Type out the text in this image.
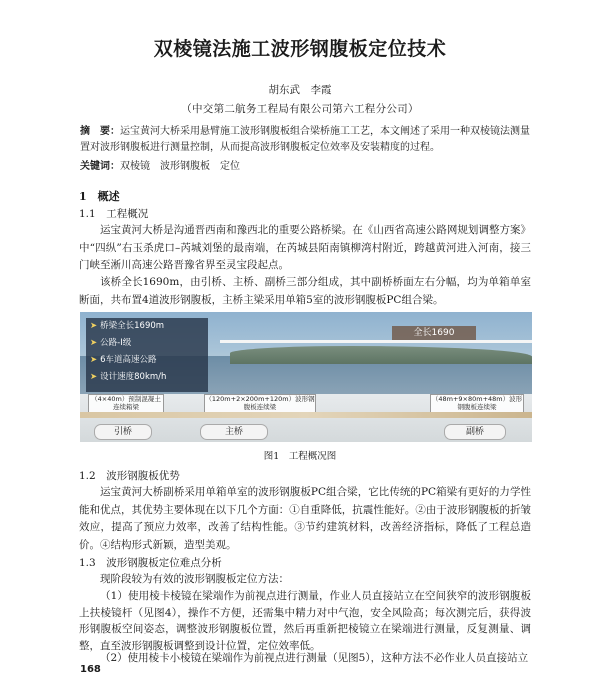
双棱镜法施工波形钢腹板定位技术
胡东武　李霞
（中交第二航务工程局有限公司第六工程分公司）
摘　要：运宝黄河大桥采用悬臂施工波形钢腹板组合梁桥施工工艺，本文阐述了采用一种双棱镜法测量置对波形钢腹板进行测量控制，从而提高波形钢腹板定位效率及安装精度的过程。
关键词：双棱镜 波形钢腹板 定位
1　概述
1.1　工程概况
运宝黄河大桥是沟通晋西南和豫西北的重要公路桥梁。在《山西省高速公路网规划调整方案》中“四纵”右玉杀虎口–芮城刘堡的最南端，在芮城县陌南镇柳湾村附近，跨越黄河进入河南，接三门峡至淅川高速公路晋豫省界至灵宝段起点。
该桥全长1690m，由引桥、主桥、副桥三部分组成，其中副桥桥面左右分幅，均为单箱单室断面，共布置4道波形钢腹板，主桥主梁采用单箱5室的波形钢腹板PC组合梁。
全长1690
➤ 桥梁全长1690m
➤ 公路-Ⅰ级
➤ 6车道高速公路
➤ 设计速度80km/h
（4×40m）预制混凝土连续箱梁
（120m+2×200m+120m）波形钢腹板连续梁
（48m+9×80m+48m）波形钢腹板连续梁
引桥	主桥	副桥
图1　工程概况图
1.2　波形钢腹板优势
运宝黄河大桥副桥采用单箱单室的波形钢腹板PC组合梁，它比传统的PC箱梁有更好的力学性能和优点，其优势主要体现在以下几个方面：①自重降低，抗震性能好。②由于波形钢腹板的折皱效应，提高了预应力效率，改善了结构性能。③节约建筑材料，改善经济指标，降低了工程总造价。④结构形式新颖，造型美观。
1.3　波形钢腹板定位难点分析
现阶段较为有效的波形钢腹板定位方法：
（1）使用棱卡棱镜在梁端作为前视点进行测量，作业人员直接站立在空间狭窄的波形钢腹板上扶棱镜杆（见图4），操作不方便，还需集中精力对中气泡，安全风险高；每次测完后，获得波形钢腹板空间姿态，调整波形钢腹板位置，然后再重新把棱镜立在梁端进行测量，反复测量、调整，直至波形钢腹板调整到设计位置，定位效率低。
（2）使用棱卡小棱镜在梁端作为前视点进行测量（见图5），这种方法不必作业人员直接站立
168
